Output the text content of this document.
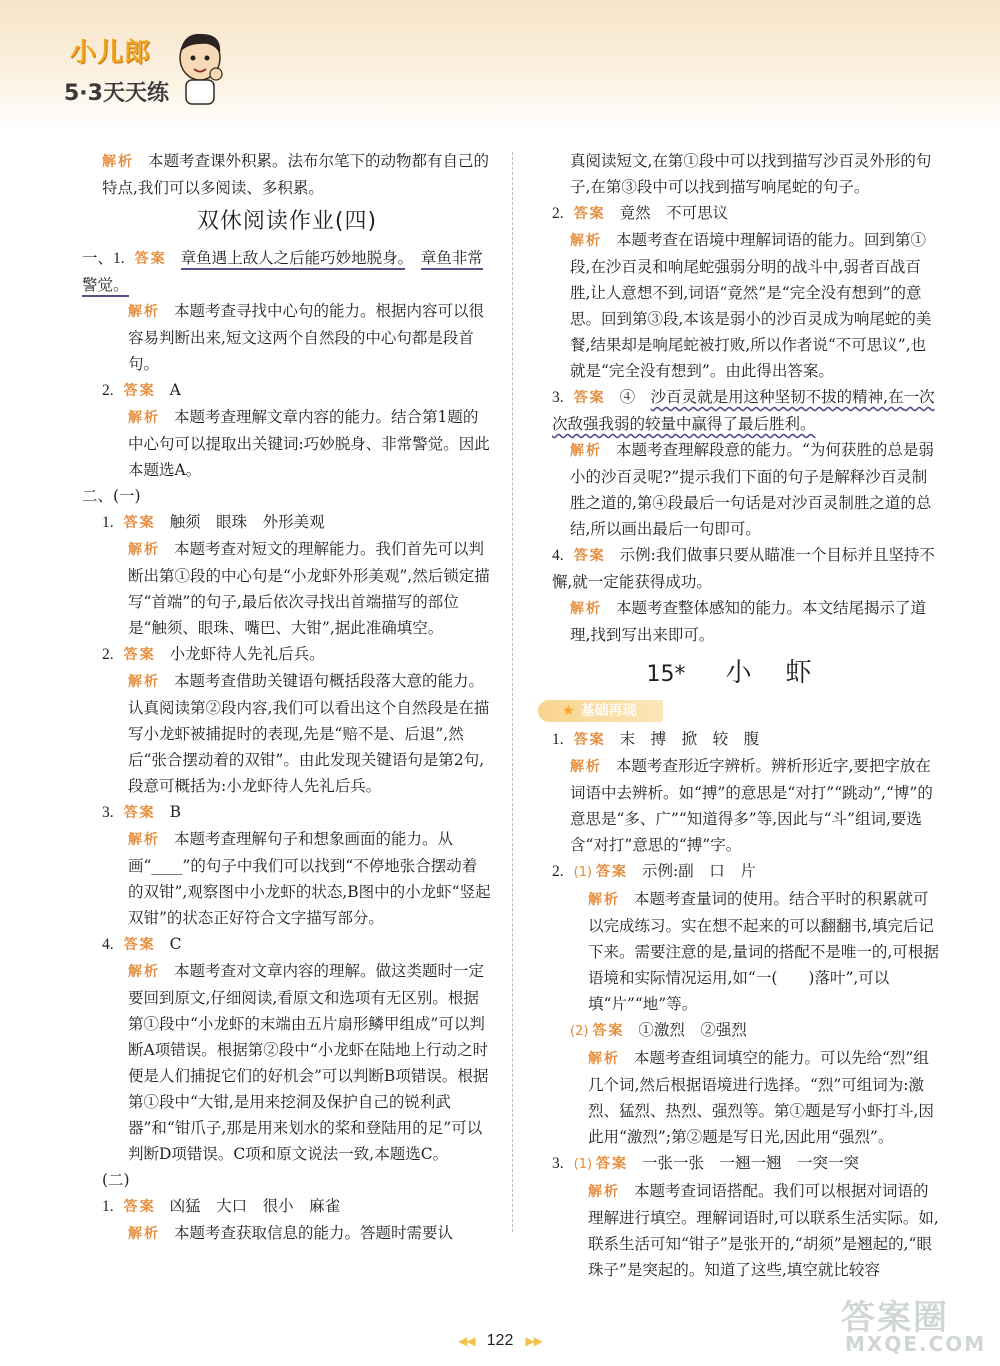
小儿郎
5·3天天练

解析 本题考查课外积累。法布尔笔下的动物都有自己的特点,我们可以多阅读、多积累。

双休阅读作业(四)

一、1. 答案 章鱼遇上敌人之后能巧妙地脱身。　 章鱼非常警觉。

解析 本题考查寻找中心句的能力。根据内容可以很容易判断出来,短文这两个自然段的中心句都是段首句。

2. 答案 A

解析 本题考查理解文章内容的能力。结合第1题的中心句可以提取出关键词:巧妙脱身、非常警觉。因此本题选A。

二、(一)

1. 答案 触须　眼珠　外形美观

解析 本题考查对短文的理解能力。我们首先可以判断出第①段的中心句是“小龙虾外形美观”,然后锁定描写“首端”的句子,最后依次寻找出首端描写的部位是“触须、眼珠、嘴巴、大钳”,据此准确填空。

2. 答案 小龙虾待人先礼后兵。

解析 本题考查借助关键语句概括段落大意的能力。认真阅读第②段内容,我们可以看出这个自然段是在描写小龙虾被捕捉时的表现,先是“赔不是、后退”,然后“张合摆动着的双钳”。由此发现关键语句是第2句,段意可概括为:小龙虾待人先礼后兵。

3. 答案 B

解析 本题考查理解句子和想象画面的能力。从画“____”的句子中我们可以找到“不停地张合摆动着的双钳”,观察图中小龙虾的状态,B图中的小龙虾“竖起双钳”的状态正好符合文字描写部分。

4. 答案 C

解析 本题考查对文章内容的理解。做这类题时一定要回到原文,仔细阅读,看原文和选项有无区别。根据第①段中“小龙虾的末端由五片扇形鳞甲组成”可以判断A项错误。根据第②段中“小龙虾在陆地上行动之时便是人们捕捉它们的好机会”可以判断B项错误。根据第①段中“大钳,是用来挖洞及保护自己的锐利武器”和“钳爪子,那是用来划水的桨和登陆用的足”可以判断D项错误。C项和原文说法一致,本题选C。

(二)

1. 答案 凶猛　大口　很小　麻雀

解析 本题考查获取信息的能力。答题时需要认

真阅读短文,在第①段中可以找到描写沙百灵外形的句子,在第③段中可以找到描写响尾蛇的句子。

2. 答案 竟然　不可思议

解析 本题考查在语境中理解词语的能力。回到第①段,在沙百灵和响尾蛇强弱分明的战斗中,弱者百战百胜,让人意想不到,词语“竟然”是“完全没有想到”的意思。回到第③段,本该是弱小的沙百灵成为响尾蛇的美餐,结果却是响尾蛇被打败,所以作者说“不可思议”,也就是“完全没有想到”。由此得出答案。

3. 答案 ④　 沙百灵就是用这种坚韧不拔的精神,在一次次敌强我弱的较量中赢得了最后胜利。

解析 本题考查理解段意的能力。“为何获胜的总是弱小的沙百灵呢?”提示我们下面的句子是解释沙百灵制胜之道的,第④段最后一句话是对沙百灵制胜之道的总结,所以画出最后一句即可。

4. 答案 示例:我们做事只要从瞄准一个目标并且坚持不懈,就一定能获得成功。

解析 本题考查整体感知的能力。本文结尾揭示了道理,找到写出来即可。

15* 小虾
★ 基础再现

1. 答案 末　搏　掀　较　腹

解析 本题考查形近字辨析。辨析形近字,要把字放在词语中去辨析。如“搏”的意思是“对打”“跳动”,“博”的意思是“多、广”“知道得多”等,因此与“斗”组词,要选含“对打”意思的“搏”字。

2. (1) 答案 示例:副　口　片

解析 本题考查量词的使用。结合平时的积累就可以完成练习。实在想不起来的可以翻翻书,填完后记下来。需要注意的是,量词的搭配不是唯一的,可根据语境和实际情况运用,如“一(　　)落叶”,可以填“片”“地”等。

(2) 答案 ①激烈　②强烈

解析 本题考查组词填空的能力。可以先给“烈”组几个词,然后根据语境进行选择。“烈”可组词为:激烈、猛烈、热烈、强烈等。第①题是写小虾打斗,因此用“激烈”;第②题是写日光,因此用“强烈”。

3. (1) 答案 一张一张　一翘一翘　一突一突

解析 本题考查词语搭配。我们可以根据对词语的理解进行填空。理解词语时,可以联系生活实际。如,联系生活可知“钳子”是张开的,“胡须”是翘起的,“眼珠子”是突起的。知道了这些,填空就比较容

◀◀ 122 ▶▶
答案圈
MXQE.COM
